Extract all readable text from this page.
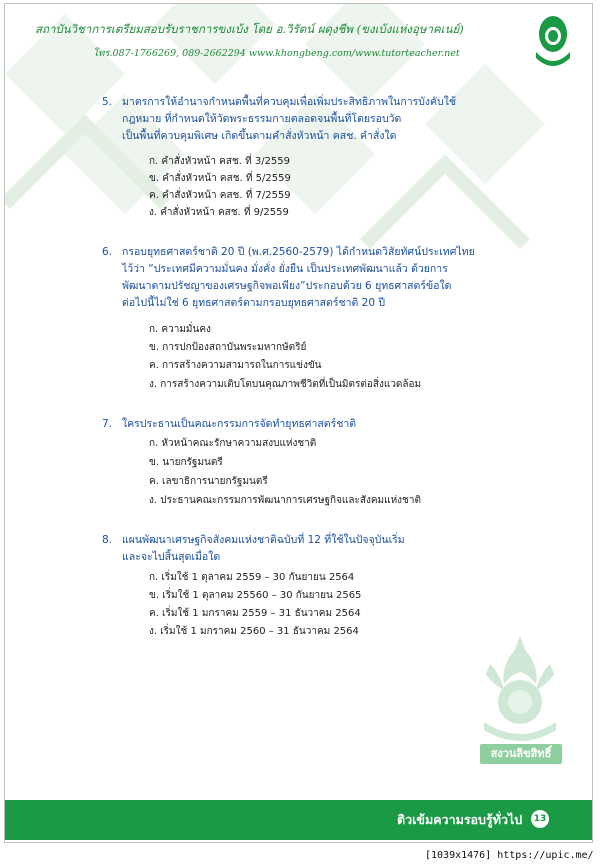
สถาบันวิชาการเตรียมสอบรับราชการขงเบ้ง โดย อ.วิรัตน์ ผดุงชีพ (ขงเบ้งแห่งอุษาคเนย์)
โทร.087-1766269, 089-2662294 www.khongbeng.com/www.tutorteacher.net
5. มาตรการให้อำนาจกำหนดพื้นที่ควบคุมเพื่อเพิ่มประสิทธิภาพในการบังคับใช้
กฎหมาย ที่กำหนดให้วัดพระธรรมกายตลอดจนพื้นที่โดยรอบวัด
เป็นพื้นที่ควบคุมพิเศษ เกิดขึ้นตามคำสั่งหัวหน้า คสช. คำสั่งใด
ก. คำสั่งหัวหน้า คสช. ที่ 3/2559
ข. คำสั่งหัวหน้า คสช. ที่ 5/2559
ค. คำสั่งหัวหน้า คสช. ที่ 7/2559
ง. คำสั่งหัวหน้า คสช. ที่ 9/2559
6. กรอบยุทธศาสตร์ชาติ 20 ปี (พ.ศ.2560-2579) ได้กำหนดวิสัยทัศน์ประเทศไทย
ไว้ว่า “ประเทศมีความมั่นคง มั่งคั่ง ยั่งยืน เป็นประเทศพัฒนาแล้ว ด้วยการ
พัฒนาตามปรัชญาของเศรษฐกิจพอเพียง”ประกอบด้วย 6 ยุทธศาสตร์ข้อใด
ต่อไปนี้ไม่ใช่ 6 ยุทธศาสตร์ตามกรอบยุทธศาสตร์ชาติ 20 ปี
ก. ความมั่นคง
ข. การปกป้องสถาบันพระมหากษัตริย์
ค. การสร้างความสามารถในการแข่งขัน
ง. การสร้างความเติบโตบนคุณภาพชีวิตที่เป็นมิตรต่อสิ่งแวดล้อม
7. ใครประธานเป็นคณะกรรมการจัดทำยุทธศาสตร์ชาติ
ก. หัวหน้าคณะรักษาความสงบแห่งชาติ
ข. นายกรัฐมนตรี
ค. เลขาธิการนายกรัฐมนตรี
ง. ประธานคณะกรรมการพัฒนาการเศรษฐกิจและสังคมแห่งชาติ
8. แผนพัฒนาเศรษฐกิจสังคมแห่งชาติฉบับที่ 12 ที่ใช้ในปัจจุบันเริ่ม
และจะไปสิ้นสุดเมื่อใด
ก. เริ่มใช้ 1 ตุลาคม 2559 – 30 กันยายน 2564
ข. เริ่มใช้ 1 ตุลาคม 25560 – 30 กันยายน 2565
ค. เริ่มใช้ 1 มกราคม 2559 – 31 ธันวาคม 2564
ง. เริ่มใช้ 1 มกราคม 2560 – 31 ธันวาคม 2564
สงวนลิขสิทธิ์
ติวเข้มความรอบรู้ทั่วไป	13
[1039x1476] https://upic.me/
